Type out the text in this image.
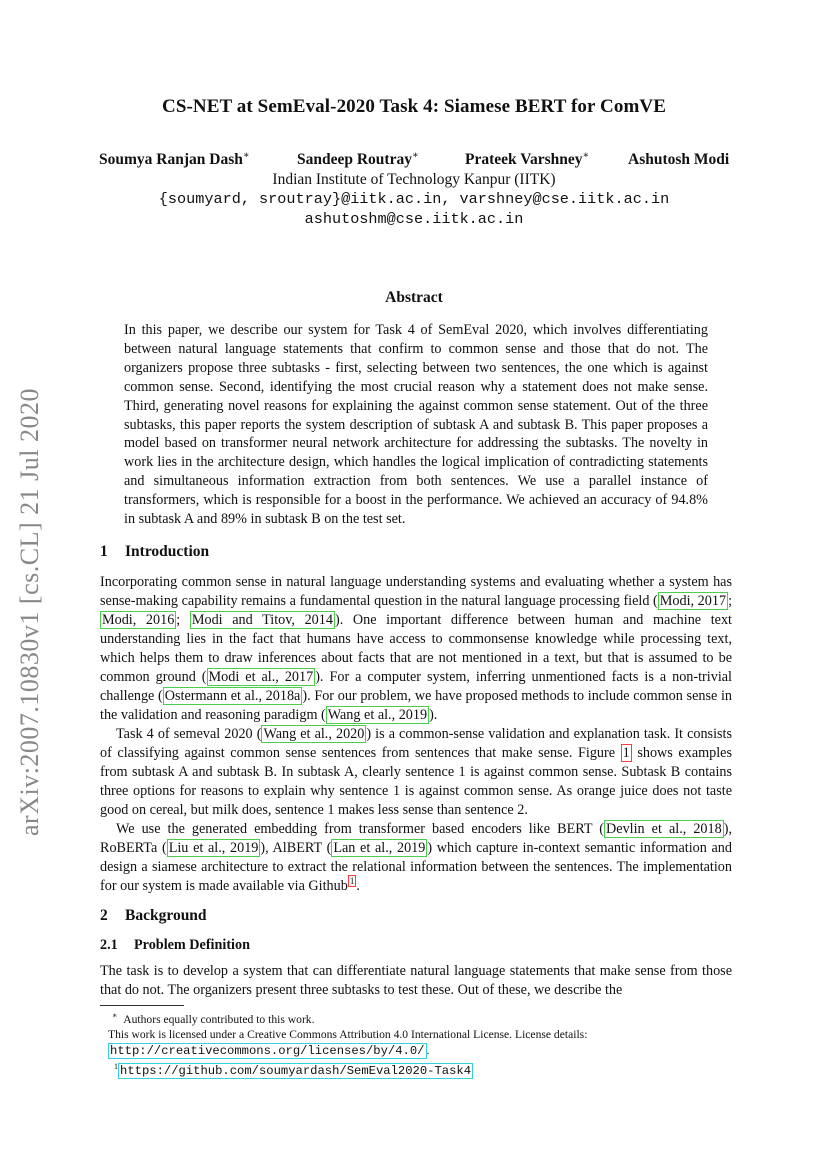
CS-NET at SemEval-2020 Task 4: Siamese BERT for ComVE
Soumya Ranjan Dash∗	Sandeep Routray∗	Prateek Varshney∗ Ashutosh Modi
Indian Institute of Technology Kanpur (IITK)
{soumyard, sroutray}@iitk.ac.in, varshney@cse.iitk.ac.in
ashutoshm@cse.iitk.ac.in
arXiv:2007.10830v1 [cs.CL] 21 Jul 2020
Abstract
In this paper, we describe our system for Task 4 of SemEval 2020, which involves differentiating between natural language statements that confirm to common sense and those that do not. The organizers propose three subtasks - first, selecting between two sentences, the one which is against common sense. Second, identifying the most crucial reason why a statement does not make sense. Third, generating novel reasons for explaining the against common sense statement. Out of the three subtasks, this paper reports the system description of subtask A and subtask B. This paper proposes a model based on transformer neural network architecture for addressing the subtasks. The novelty in work lies in the architecture design, which handles the logical implication of contradicting statements and simultaneous information extraction from both sentences. We use a parallel instance of transformers, which is responsible for a boost in the performance. We achieved an accuracy of 94.8% in subtask A and 89% in subtask B on the test set.
1 Introduction

Incorporating common sense in natural language understanding systems and evaluating whether a system has sense-making capability remains a fundamental question in the natural language processing field ( Modi, 2017 ; Modi, 2016 ; Modi and Titov, 2014 ). One important difference between human and machine text understanding lies in the fact that humans have access to commonsense knowledge while processing text, which helps them to draw inferences about facts that are not mentioned in a text, but that is assumed to be common ground ( Modi et al., 2017 ). For a computer system, inferring unmentioned facts is a non-trivial challenge ( Ostermann et al., 2018a ). For our problem, we have proposed methods to include common sense in the validation and reasoning paradigm ( Wang et al., 2019 ).

Task 4 of semeval 2020 ( Wang et al., 2020 ) is a common-sense validation and explanation task. It consists of classifying against common sense sentences from sentences that make sense. Figure 1 shows examples from subtask A and subtask B. In subtask A, clearly sentence 1 is against common sense. Subtask B contains three options for reasons to explain why sentence 1 is against common sense. As orange juice does not taste good on cereal, but milk does, sentence 1 makes less sense than sentence 2.

We use the generated embedding from transformer based encoders like BERT ( Devlin et al., 2018 ), RoBERTa ( Liu et al., 2019 ), AlBERT ( Lan et al., 2019 ) which capture in-context semantic information and design a siamese architecture to extract the relational information between the sentences. The implementation for our system is made available via Github $^1$ .

2 Background
2.1 Problem Definition

The task is to develop a system that can differentiate natural language statements that make sense from those that do not. The organizers present three subtasks to test these. Out of these, we describe the

∗ Authors equally contributed to this work.

This work is licensed under a Creative Commons Attribution 4.0 International License. License details: http://creativecommons.org/licenses/by/4.0/ .

$^1$ https://github.com/soumyardash/SemEval2020-Task4
